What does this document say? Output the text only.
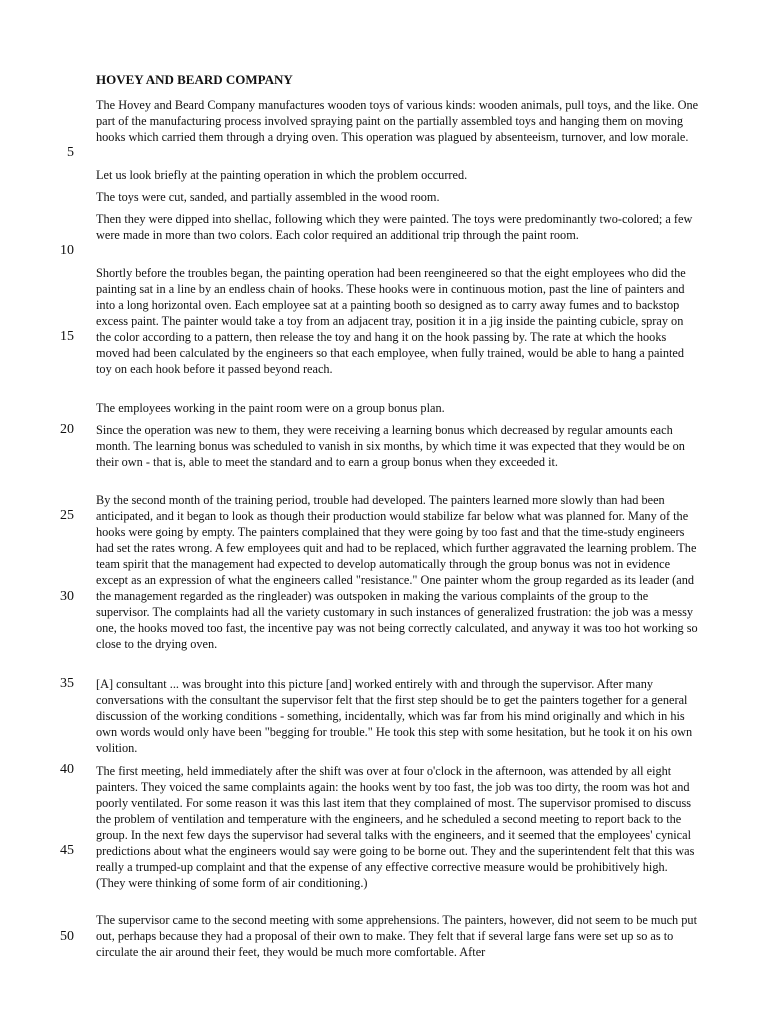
HOVEY AND BEARD COMPANY

The Hovey and Beard Company manufactures wooden toys of various kinds: wooden animals, pull toys, and the like. One part of the manufacturing process involved spraying paint on the partially assembled toys and hanging them on moving hooks which carried them through a drying oven. This operation was plagued by absenteeism, turnover, and low morale.

Let us look briefly at the painting operation in which the problem occurred.

The toys were cut, sanded, and partially assembled in the wood room.

Then they were dipped into shellac, following which they were painted. The toys were predominantly two-colored; a few were made in more than two colors. Each color required an additional trip through the paint room.

Shortly before the troubles began, the painting operation had been reengineered so that the eight employees who did the painting sat in a line by an endless chain of hooks. These hooks were in continuous motion, past the line of painters and into a long horizontal oven. Each employee sat at a painting booth so designed as to carry away fumes and to backstop excess paint. The painter would take a toy from an adjacent tray, position it in a jig inside the painting cubicle, spray on the color according to a pattern, then release the toy and hang it on the hook passing by. The rate at which the hooks moved had been calculated by the engineers so that each employee, when fully trained, would be able to hang a painted toy on each hook before it passed beyond reach.

The employees working in the paint room were on a group bonus plan.

Since the operation was new to them, they were receiving a learning bonus which decreased by regular amounts each month. The learning bonus was scheduled to vanish in six months, by which time it was expected that they would be on their own - that is, able to meet the standard and to earn a group bonus when they exceeded it.

By the second month of the training period, trouble had developed. The painters learned more slowly than had been anticipated, and it began to look as though their production would stabilize far below what was planned for. Many of the hooks were going by empty. The painters complained that they were going by too fast and that the time-study engineers had set the rates wrong. A few employees quit and had to be replaced, which further aggravated the learning problem. The team spirit that the management had expected to develop automatically through the group bonus was not in evidence except as an expression of what the engineers called "resistance." One painter whom the group regarded as its leader (and the management regarded as the ringleader) was outspoken in making the various complaints of the group to the supervisor. The complaints had all the variety customary in such instances of generalized frustration: the job was a messy one, the hooks moved too fast, the incentive pay was not being correctly calculated, and anyway it was too hot working so close to the drying oven.

[A] consultant ... was brought into this picture [and] worked entirely with and through the supervisor. After many conversations with the consultant the supervisor felt that the first step should be to get the painters together for a general discussion of the working conditions - something, incidentally, which was far from his mind originally and which in his own words would only have been "begging for trouble." He took this step with some hesitation, but he took it on his own volition.

The first meeting, held immediately after the shift was over at four o'clock in the afternoon, was attended by all eight painters. They voiced the same complaints again: the hooks went by too fast, the job was too dirty, the room was hot and poorly ventilated. For some reason it was this last item that they complained of most. The supervisor promised to discuss the problem of ventilation and temperature with the engineers, and he scheduled a second meeting to report back to the group. In the next few days the supervisor had several talks with the engineers, and it seemed that the employees' cynical predictions about what the engineers would say were going to be borne out. They and the superintendent felt that this was really a trumped-up complaint and that the expense of any effective corrective measure would be prohibitively high. (They were thinking of some form of air conditioning.)

The supervisor came to the second meeting with some apprehensions. The painters, however, did not seem to be much put out, perhaps because they had a proposal of their own to make. They felt that if several large fans were set up so as to circulate the air around their feet, they would be much more comfortable. After

5
10
15
20
25
30
35
40
45
50
